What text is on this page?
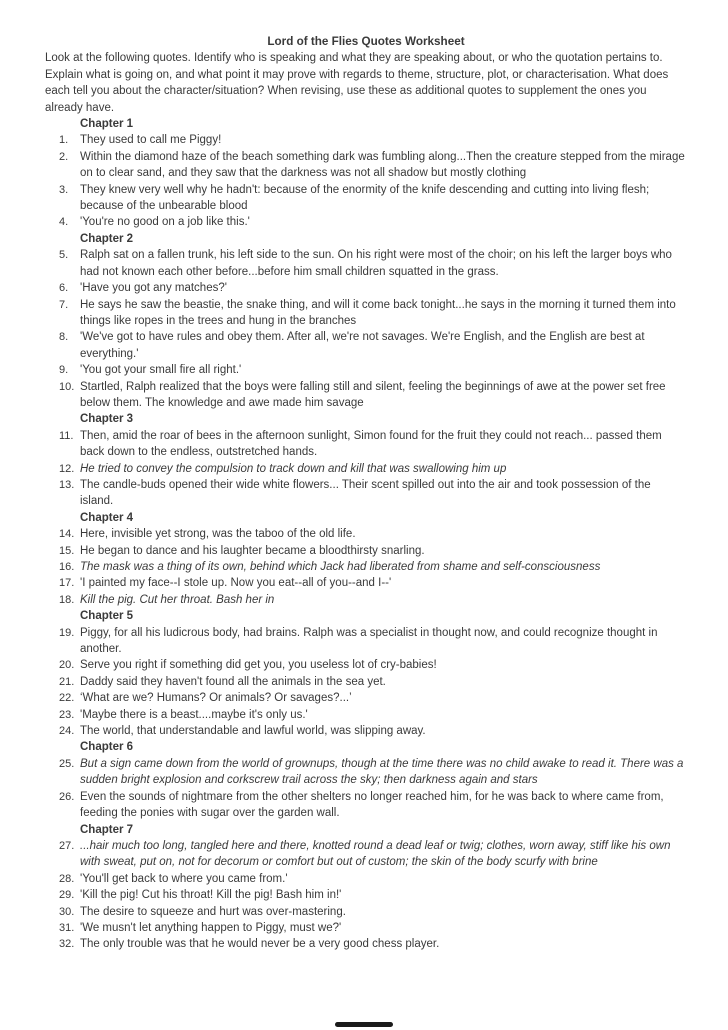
Lord of the Flies Quotes Worksheet

Look at the following quotes. Identify who is speaking and what they are speaking about, or who the quotation pertains to. Explain what is going on, and what point it may prove with regards to theme, structure, plot, or characterisation. What does each tell you about the character/situation? When revising, use these as additional quotes to supplement the ones you already have.

Chapter 1
1.	They used to call me Piggy!
2.	Within the diamond haze of the beach something dark was fumbling along...Then the creature stepped from the mirage on to clear sand, and they saw that the darkness was not all shadow but mostly clothing
3.	They knew very well why he hadn't: because of the enormity of the knife descending and cutting into living flesh; because of the unbearable blood
4.	'You're no good on a job like this.'
Chapter 2
5.	Ralph sat on a fallen trunk, his left side to the sun. On his right were most of the choir; on his left the larger boys who had not known each other before...before him small children squatted in the grass.
6.	'Have you got any matches?'
7.	He says he saw the beastie, the snake thing, and will it come back tonight...he says in the morning it turned them into things like ropes in the trees and hung in the branches
8.	'We've got to have rules and obey them. After all, we're not savages. We're English, and the English are best at everything.'
9.	'You got your small fire all right.'
10. Startled, Ralph realized that the boys were falling still and silent, feeling the beginnings of awe at the power set free below them. The knowledge and awe made him savage
Chapter 3
11. Then, amid the roar of bees in the afternoon sunlight, Simon found for the fruit they could not reach... passed them back down to the endless, outstretched hands.
12. He tried to convey the compulsion to track down and kill that was swallowing him up
13. The candle-buds opened their wide white flowers... Their scent spilled out into the air and took possession of the island.
Chapter 4
14. Here, invisible yet strong, was the taboo of the old life.
15. He began to dance and his laughter became a bloodthirsty snarling.
16. The mask was a thing of its own, behind which Jack had liberated from shame and self-consciousness
17. 'I painted my face--I stole up. Now you eat--all of you--and I--'
18. Kill the pig. Cut her throat. Bash her in
Chapter 5
19. Piggy, for all his ludicrous body, had brains. Ralph was a specialist in thought now, and could recognize thought in another.
20. Serve you right if something did get you, you useless lot of cry-babies!
21. Daddy said they haven't found all the animals in the sea yet.
22. ‘What are we? Humans? Or animals? Or savages?...’
23. 'Maybe there is a beast....maybe it's only us.'
24. The world, that understandable and lawful world, was slipping away.
Chapter 6
25. But a sign came down from the world of grownups, though at the time there was no child awake to read it. There was a sudden bright explosion and corkscrew trail across the sky; then darkness again and stars
26. Even the sounds of nightmare from the other shelters no longer reached him, for he was back to where came from, feeding the ponies with sugar over the garden wall.
Chapter 7
27. ...hair much too long, tangled here and there, knotted round a dead leaf or twig; clothes, worn away, stiff like his own with sweat, put on, not for decorum or comfort but out of custom; the skin of the body scurfy with brine
28. 'You'll get back to where you came from.'
29. 'Kill the pig! Cut his throat! Kill the pig! Bash him in!'
30. The desire to squeeze and hurt was over-mastering.
31. 'We musn't let anything happen to Piggy, must we?'
32. The only trouble was that he would never be a very good chess player.
